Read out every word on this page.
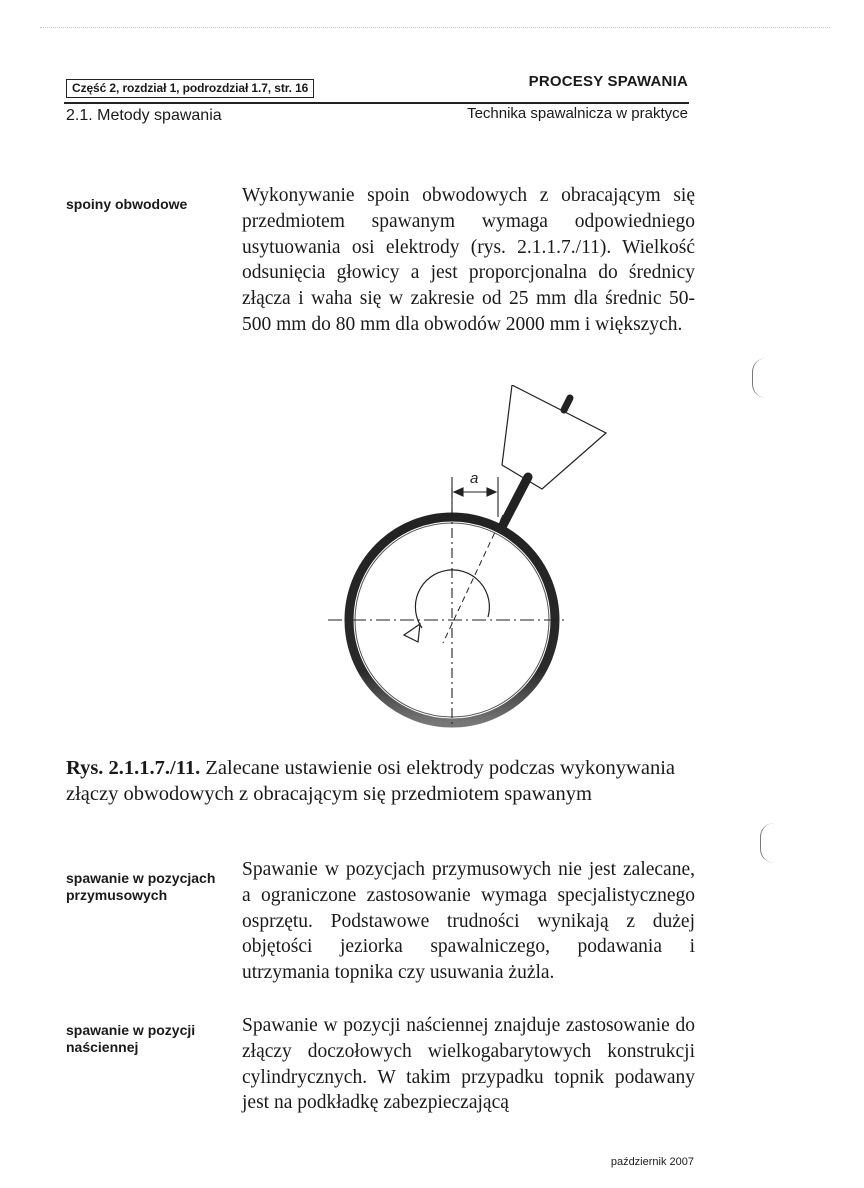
Część 2, rozdział 1, podrozdział 1.7, str. 16	PROCESY SPAWANIA
2.1. Metody spawania	Technika spawalnicza w praktyce
spoiny obwodowe	Wykonywanie spoin obwodowych z obracającym się przedmiotem spawanym wymaga odpowiedniego usytuowania osi elektrody (rys. 2.1.1.7./11). Wielkość odsunięcia głowicy a jest proporcjonalna do średnicy złącza i waha się w zakresie od 25 mm dla średnic 50-500 mm do 80 mm dla obwodów 2000 mm i większych.
a
Rys. 2.1.1.7./11. Zalecane ustawienie osi elektrody podczas wykonywania złączy obwodowych z obracającym się przedmiotem spawanym
spawanie w pozycjach przymusowych
Spawanie w pozycjach przymusowych nie jest zalecane, a ograniczone zastosowanie wymaga specjalistycznego osprzętu. Podstawowe trudności wynikają z dużej objętości jeziorka spawalniczego, podawania i utrzymania topnika czy usuwania żużla.
spawanie w pozycji naściennej
Spawanie w pozycji naściennej znajduje zastosowanie do złączy doczołowych wielkogabarytowych konstrukcji cylindrycznych. W takim przypadku topnik podawany jest na podkładkę zabezpieczającą
październik 2007
